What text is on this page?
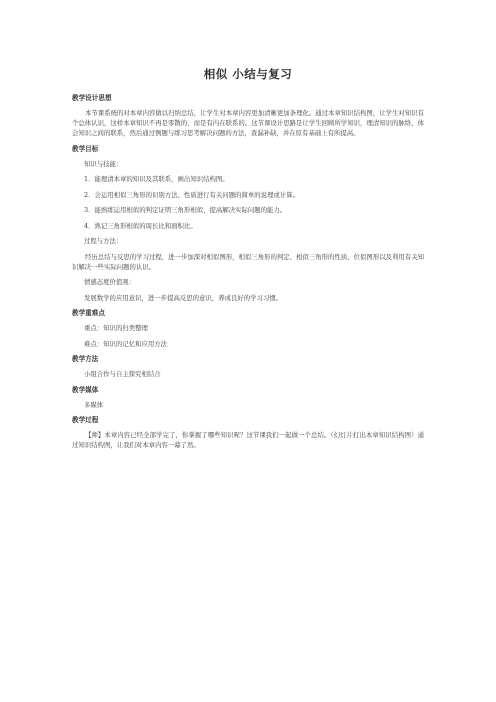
相似 小结与复习
教学设计思想
本节课系统的对本章内容做以归纳总结，让学生对本章内容更加清晰更加条理化。通过本章知识结构图，让学生对知识有个总体认识，这样本章知识不再是零散的，而是有内在联系的。这节课设计思路是让学生回顾所学知识，理清知识的脉络，体会知识之间的联系，然后通过例题与练习思考解决问题的方法，查漏补缺，并在原有基础上有所提高。
教学目标
知识与技能：
1．能理清本章的知识及其联系，画出知识结构图。
2．会运用相似三角形的识别方法、性质进行有关问题的简单的说理或计算。
3．能熟练运用相似的判定证明三角形相似，提高解决实际问题的能力。
4．熟记三角形相似的周长比和面积比。
过程与方法：
经历总结与反思的学习过程，进一步加深对相似图形，相似三角形的判定、相似三角形的性质、位似图形以及利用有关知识解决一些实际问题的认识。
情感态度价值观：
发展数学的应用意识，进一步提高反思的意识，养成良好的学习习惯。
教学重难点
重点：知识的归类整理
难点：知识的记忆和应用方法
教学方法
小组合作与自主探究相结合
教学媒体
多媒体
教学过程
【师】本章内容已经全部学完了，你掌握了哪些知识呢？这节课我们一起做一个总结。（幻灯片打出本章知识结构图）通过知识结构图，让我们对本章内容一幕了然。
